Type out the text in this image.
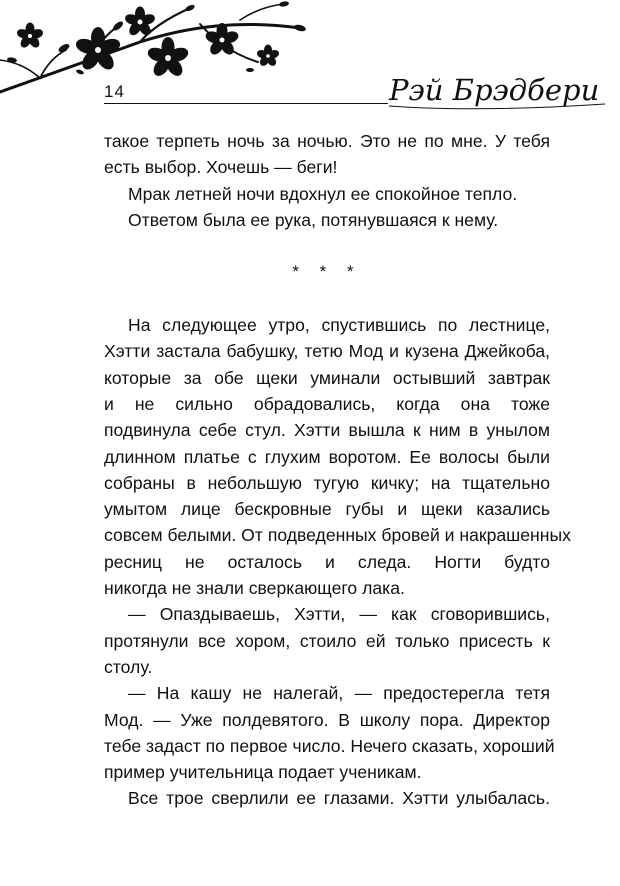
Рэй Брэдбери
14
такое терпеть ночь за ночью. Это не по мне. У тебя
есть выбор. Хочешь — беги!
Мрак летней ночи вдохнул ее спокойное тепло.
Ответом была ее рука, потянувшаяся к нему.
* * *
На следующее утро, спустившись по лестнице,
Хэтти застала бабушку, тетю Мод и кузена Джейкоба,
которые за обе щеки уминали остывший завтрак
и не сильно обрадовались, когда она тоже
подвинула себе стул. Хэтти вышла к ним в унылом
длинном платье с глухим воротом. Ее волосы были
собраны в небольшую тугую кичку; на тщательно
умытом лице бескровные губы и щеки казались
совсем белыми. От подведенных бровей и накрашенных
ресниц не осталось и следа. Ногти будто
никогда не знали сверкающего лака.
— Опаздываешь, Хэтти, — как сговорившись,
протянули все хором, стоило ей только присесть к
столу.
— На кашу не налегай, — предостерегла тетя
Мод. — Уже полдевятого. В школу пора. Директор
тебе задаст по первое число. Нечего сказать, хороший
пример учительница подает ученикам.
Все трое сверлили ее глазами. Хэтти улыбалась.
